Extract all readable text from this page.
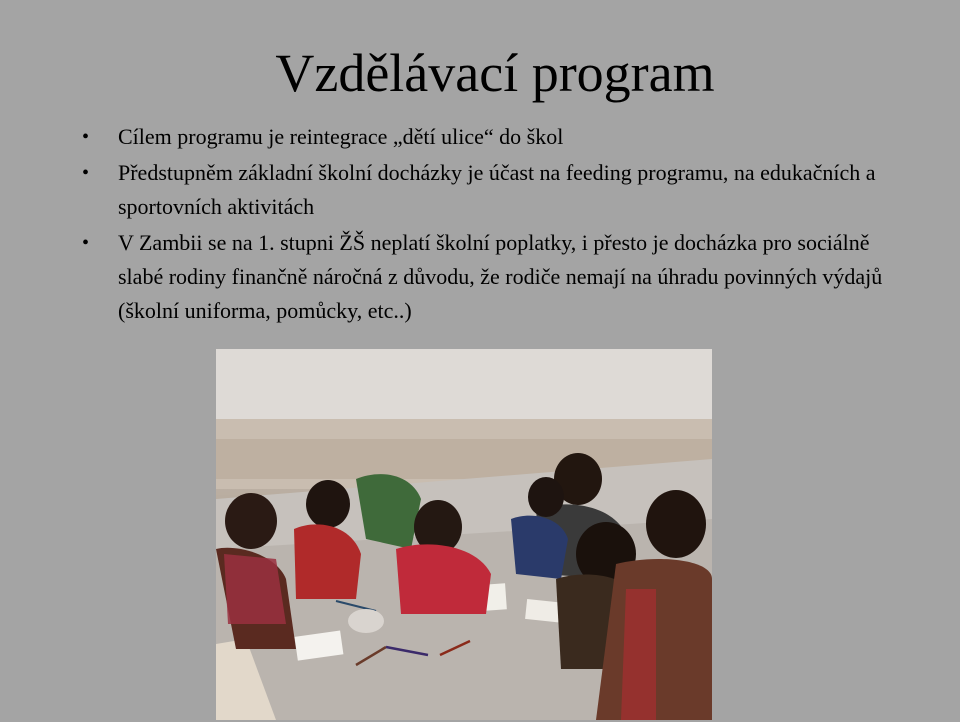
Vzdělávací program
• Cílem programu je reintegrace „dětí ulice“ do škol
• Předstupněm základní školní docházky je účast na feeding programu, na edukačních a sportovních aktivitách
• V Zambii se na 1. stupni ŽŠ neplatí školní poplatky, i přesto je docházka pro sociálně slabé rodiny finančně náročná z důvodu, že rodiče nemají na úhradu povinných výdajů (školní uniforma, pomůcky, etc..)
